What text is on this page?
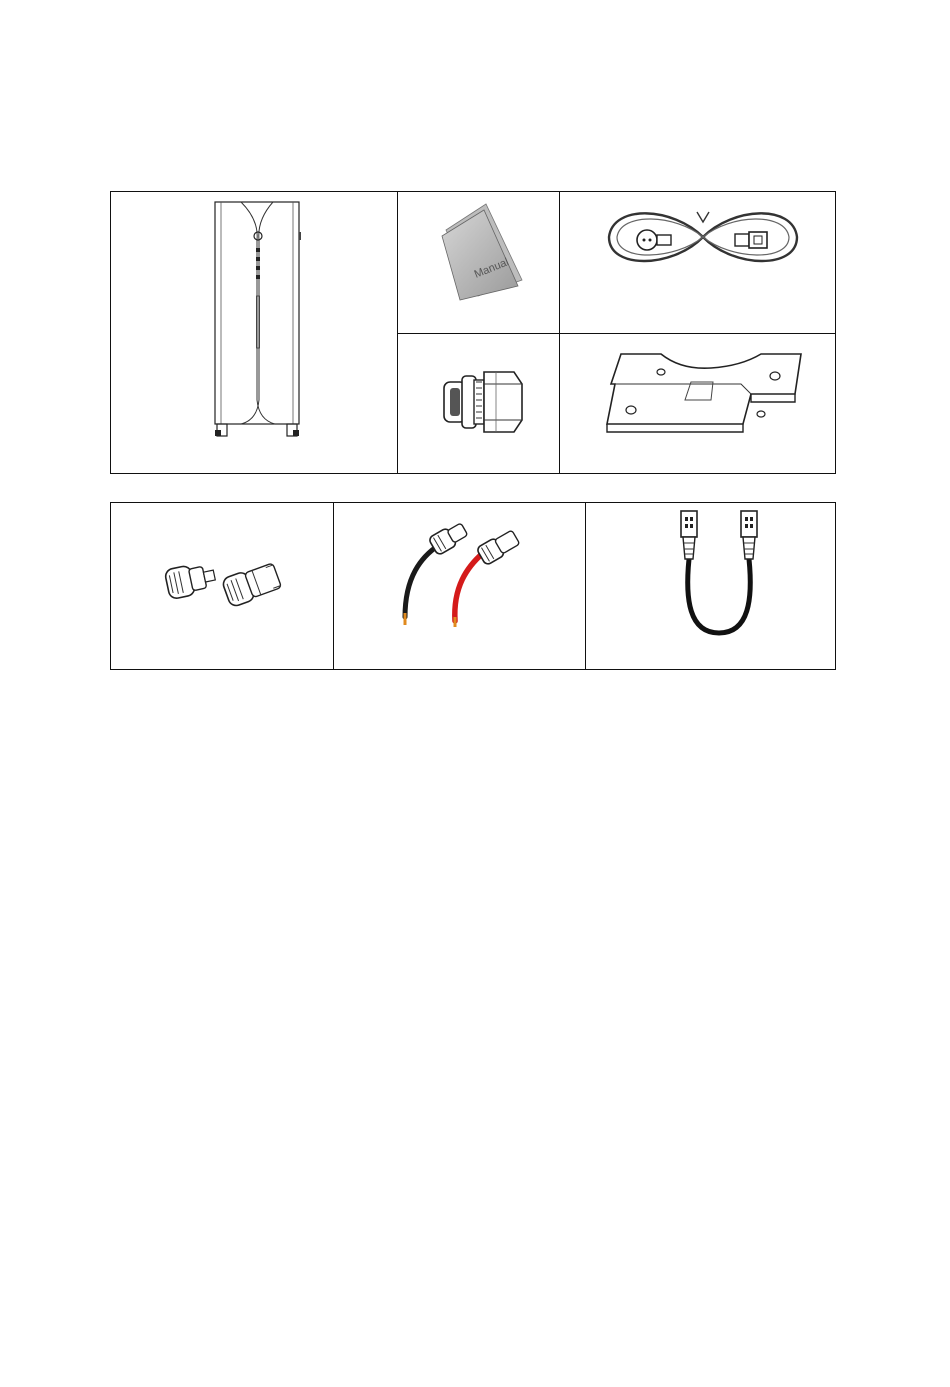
Manual
